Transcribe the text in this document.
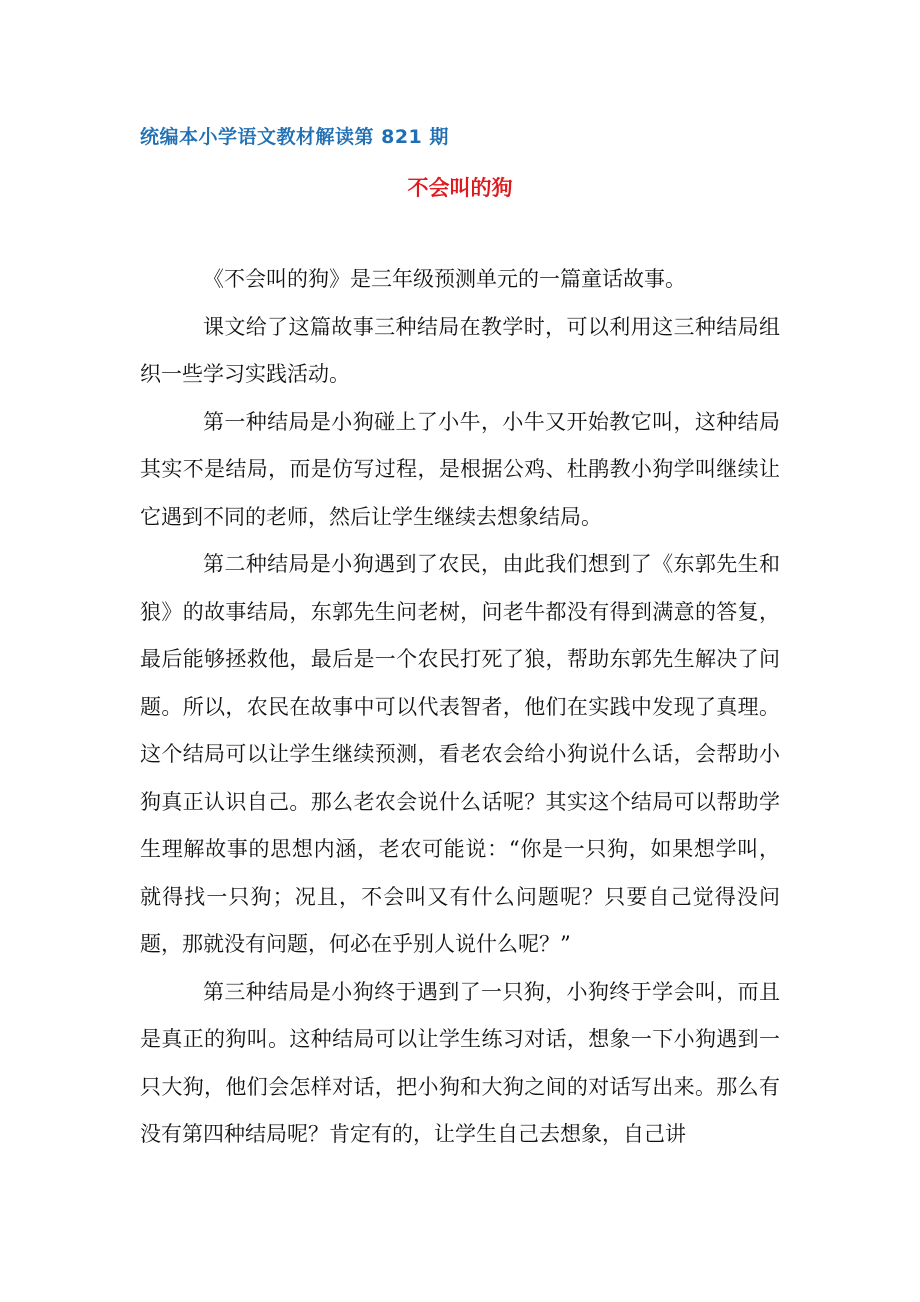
统编本小学语文教材解读第 821 期
不会叫的狗

《不会叫的狗》是三年级预测单元的一篇童话故事。

课文给了这篇故事三种结局在教学时，可以利用这三种结局组织一些学习实践活动。

第一种结局是小狗碰上了小牛，小牛又开始教它叫，这种结局其实不是结局，而是仿写过程，是根据公鸡、杜鹃教小狗学叫继续让它遇到不同的老师，然后让学生继续去想象结局。

第二种结局是小狗遇到了农民，由此我们想到了《东郭先生和狼》的故事结局，东郭先生问老树，问老牛都没有得到满意的答复，最后能够拯救他，最后是一个农民打死了狼，帮助东郭先生解决了问题。所以，农民在故事中可以代表智者，他们在实践中发现了真理。这个结局可以让学生继续预测，看老农会给小狗说什么话，会帮助小狗真正认识自己。那么老农会说什么话呢？其实这个结局可以帮助学生理解故事的思想内涵，老农可能说：“你是一只狗，如果想学叫，就得找一只狗；况且，不会叫又有什么问题呢？只要自己觉得没问题，那就没有问题，何必在乎别人说什么呢？”

第三种结局是小狗终于遇到了一只狗，小狗终于学会叫，而且是真正的狗叫。这种结局可以让学生练习对话，想象一下小狗遇到一只大狗，他们会怎样对话，把小狗和大狗之间的对话写出来。那么有没有第四种结局呢？肯定有的，让学生自己去想象，自己讲
